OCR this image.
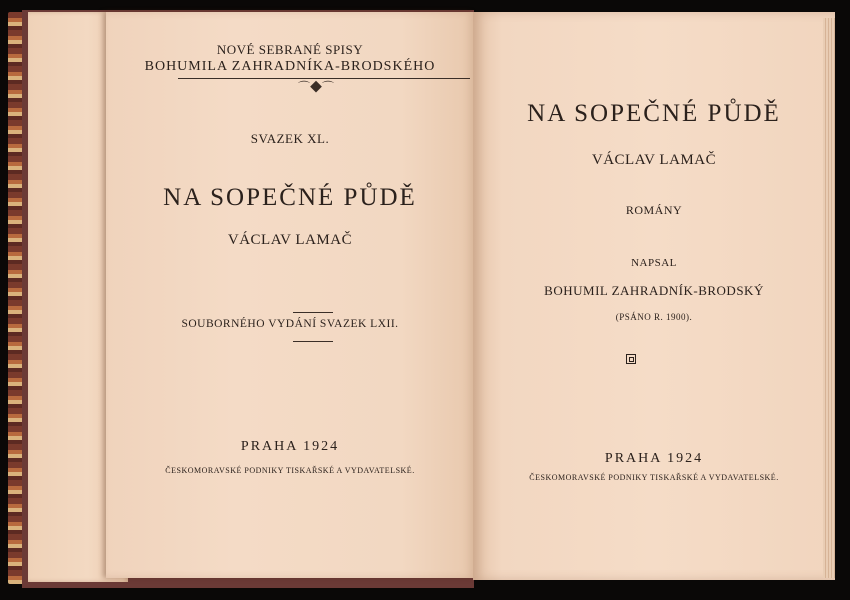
NOVÉ SEBRANÉ SPISY

BOHUMILA ZAHRADNÍKA-BRODSKÉHO

⌒◆⌒

SVAZEK XL.

NA SOPEČNÉ PŮDĚ

VÁCLAV LAMAČ

SOUBORNÉHO VYDÁNÍ SVAZEK LXII.

PRAHA 1924

ČESKOMORAVSKÉ PODNIKY TISKAŘSKÉ A VYDAVATELSKÉ.

NA SOPEČNÉ PŮDĚ

VÁCLAV LAMAČ

ROMÁNY

NAPSAL

BOHUMIL ZAHRADNÍK-BRODSKÝ

(PSÁNO R. 1900).

PRAHA 1924

ČESKOMORAVSKÉ PODNIKY TISKAŘSKÉ A VYDAVATELSKÉ.
